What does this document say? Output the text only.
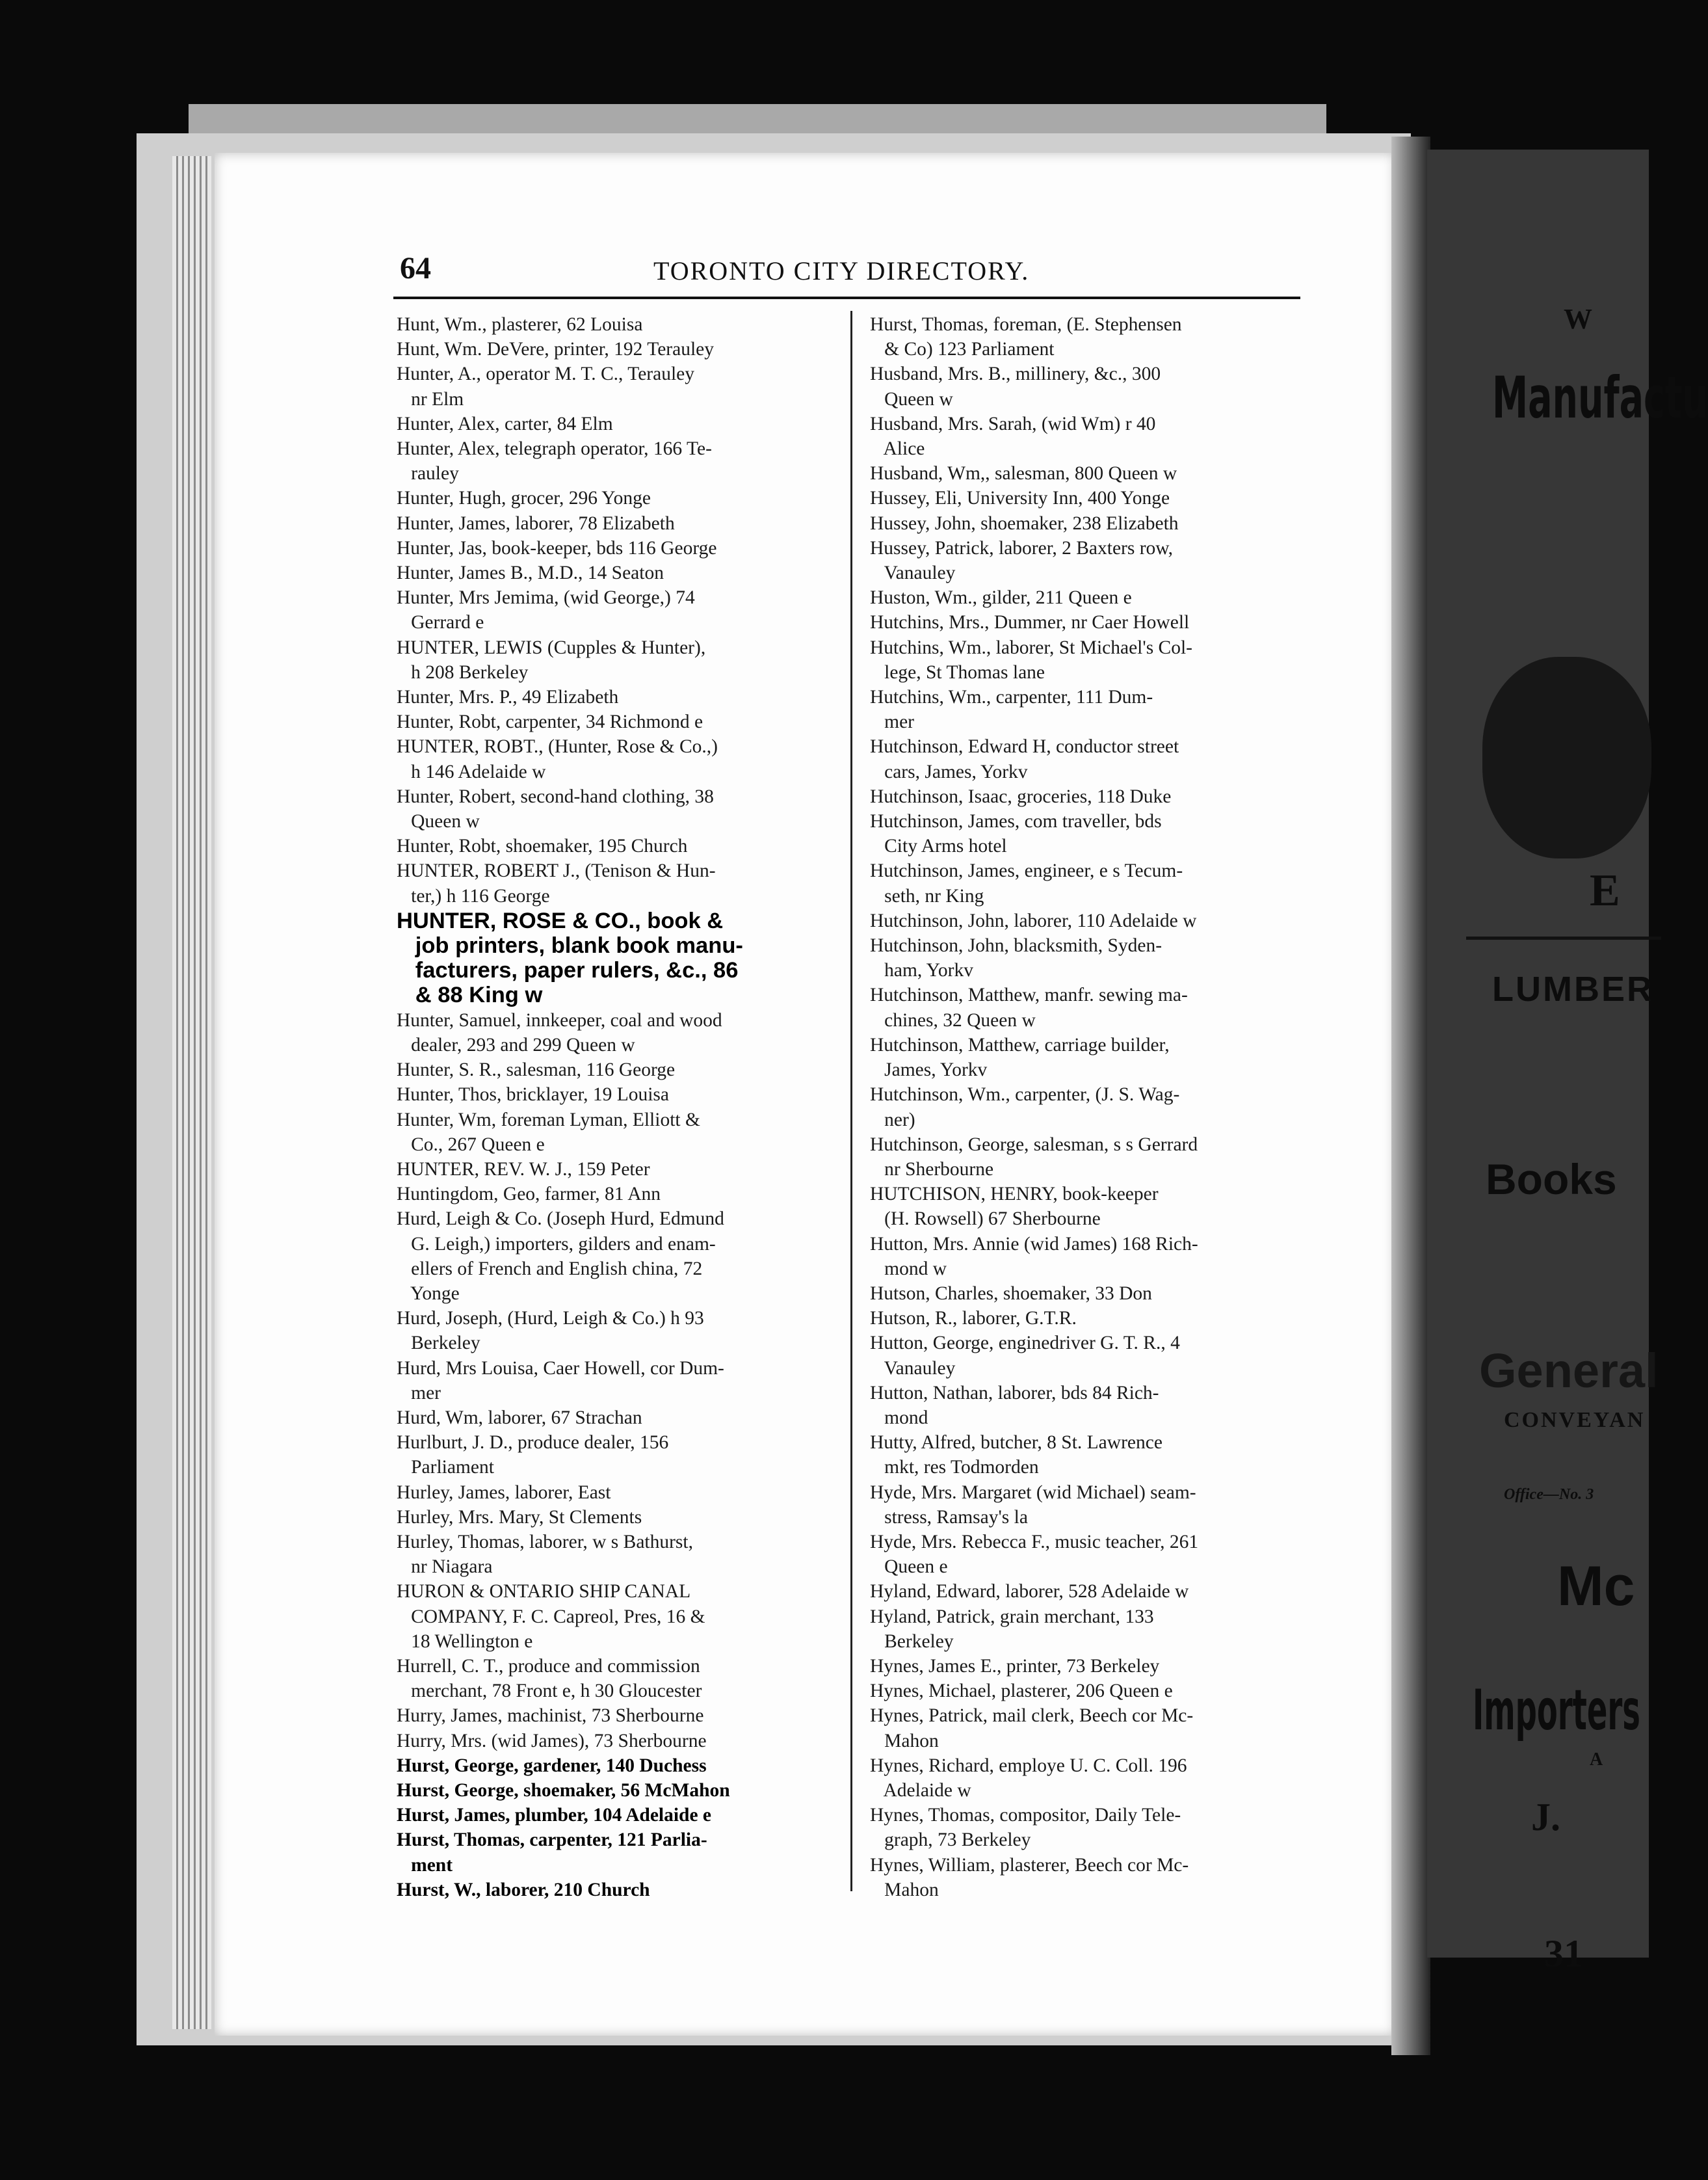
64	TORONTO CITY DIRECTORY.

Hunt, Wm., plasterer, 62 Louisa

Hunt, Wm. DeVere, printer, 192 Terauley

Hunter, A., operator M. T. C., Terauley
nr Elm

Hunter, Alex, carter, 84 Elm

Hunter, Alex, telegraph operator, 166 Te-
rauley

Hunter, Hugh, grocer, 296 Yonge

Hunter, James, laborer, 78 Elizabeth

Hunter, Jas, book-keeper, bds 116 George

Hunter, James B., M.D., 14 Seaton

Hunter, Mrs Jemima, (wid George,) 74
Gerrard e

HUNTER, LEWIS (Cupples & Hunter),
h 208 Berkeley

Hunter, Mrs. P., 49 Elizabeth

Hunter, Robt, carpenter, 34 Richmond e

HUNTER, ROBT., (Hunter, Rose & Co.,)
h 146 Adelaide w

Hunter, Robert, second-hand clothing, 38
Queen w

Hunter, Robt, shoemaker, 195 Church

HUNTER, ROBERT J., (Tenison & Hun-
ter,) h 116 George

HUNTER, ROSE & CO., book &
job printers, blank book manu-
facturers, paper rulers, &c., 86
& 88 King w

Hunter, Samuel, innkeeper, coal and wood
dealer, 293 and 299 Queen w

Hunter, S. R., salesman, 116 George

Hunter, Thos, bricklayer, 19 Louisa

Hunter, Wm, foreman Lyman, Elliott &
Co., 267 Queen e

HUNTER, REV. W. J., 159 Peter

Huntingdom, Geo, farmer, 81 Ann

Hurd, Leigh & Co. (Joseph Hurd, Edmund
G. Leigh,) importers, gilders and enam-
ellers of French and English china, 72
Yonge

Hurd, Joseph, (Hurd, Leigh & Co.) h 93
Berkeley

Hurd, Mrs Louisa, Caer Howell, cor Dum-
mer

Hurd, Wm, laborer, 67 Strachan

Hurlburt, J. D., produce dealer, 156
Parliament

Hurley, James, laborer, East

Hurley, Mrs. Mary, St Clements

Hurley, Thomas, laborer, w s Bathurst,
nr Niagara

HURON & ONTARIO SHIP CANAL
COMPANY, F. C. Capreol, Pres, 16 &
18 Wellington e

Hurrell, C. T., produce and commission
merchant, 78 Front e, h 30 Gloucester

Hurry, James, machinist, 73 Sherbourne

Hurry, Mrs. (wid James), 73 Sherbourne

Hurst, George, gardener, 140 Duchess

Hurst, George, shoemaker, 56 McMahon

Hurst, James, plumber, 104 Adelaide e

Hurst, Thomas, carpenter, 121 Parlia-
ment

Hurst, W., laborer, 210 Church

Hurst, Thomas, foreman, (E. Stephensen
& Co) 123 Parliament

Husband, Mrs. B., millinery, &c., 300
Queen w

Husband, Mrs. Sarah, (wid Wm) r 40
Alice

Husband, Wm,, salesman, 800 Queen w

Hussey, Eli, University Inn, 400 Yonge

Hussey, John, shoemaker, 238 Elizabeth

Hussey, Patrick, laborer, 2 Baxters row,
Vanauley

Huston, Wm., gilder, 211 Queen e

Hutchins, Mrs., Dummer, nr Caer Howell

Hutchins, Wm., laborer, St Michael's Col-
lege, St Thomas lane

Hutchins, Wm., carpenter, 111 Dum-
mer

Hutchinson, Edward H, conductor street
cars, James, Yorkv

Hutchinson, Isaac, groceries, 118 Duke

Hutchinson, James, com traveller, bds
City Arms hotel

Hutchinson, James, engineer, e s Tecum-
seth, nr King

Hutchinson, John, laborer, 110 Adelaide w

Hutchinson, John, blacksmith, Syden-
ham, Yorkv

Hutchinson, Matthew, manfr. sewing ma-
chines, 32 Queen w

Hutchinson, Matthew, carriage builder,
James, Yorkv

Hutchinson, Wm., carpenter, (J. S. Wag-
ner)

Hutchinson, George, salesman, s s Gerrard
nr Sherbourne

HUTCHISON, HENRY, book-keeper
(H. Rowsell) 67 Sherbourne

Hutton, Mrs. Annie (wid James) 168 Rich-
mond w

Hutson, Charles, shoemaker, 33 Don

Hutson, R., laborer, G.T.R.

Hutton, George, enginedriver G. T. R., 4
Vanauley

Hutton, Nathan, laborer, bds 84 Rich-
mond

Hutty, Alfred, butcher, 8 St. Lawrence
mkt, res Todmorden

Hyde, Mrs. Margaret (wid Michael) seam-
stress, Ramsay's la

Hyde, Mrs. Rebecca F., music teacher, 261
Queen e

Hyland, Edward, laborer, 528 Adelaide w

Hyland, Patrick, grain merchant, 133
Berkeley

Hynes, James E., printer, 73 Berkeley

Hynes, Michael, plasterer, 206 Queen e

Hynes, Patrick, mail clerk, Beech cor Mc-
Mahon

Hynes, Richard, employe U. C. Coll. 196
Adelaide w

Hynes, Thomas, compositor, Daily Tele-
graph, 73 Berkeley

Hynes, William, plasterer, Beech cor Mc-
Mahon

W
Manufactu
E
LUMBER
Books
General
CONVEYAN
Office—No. 3
Mc
Importers
A
J.
31
